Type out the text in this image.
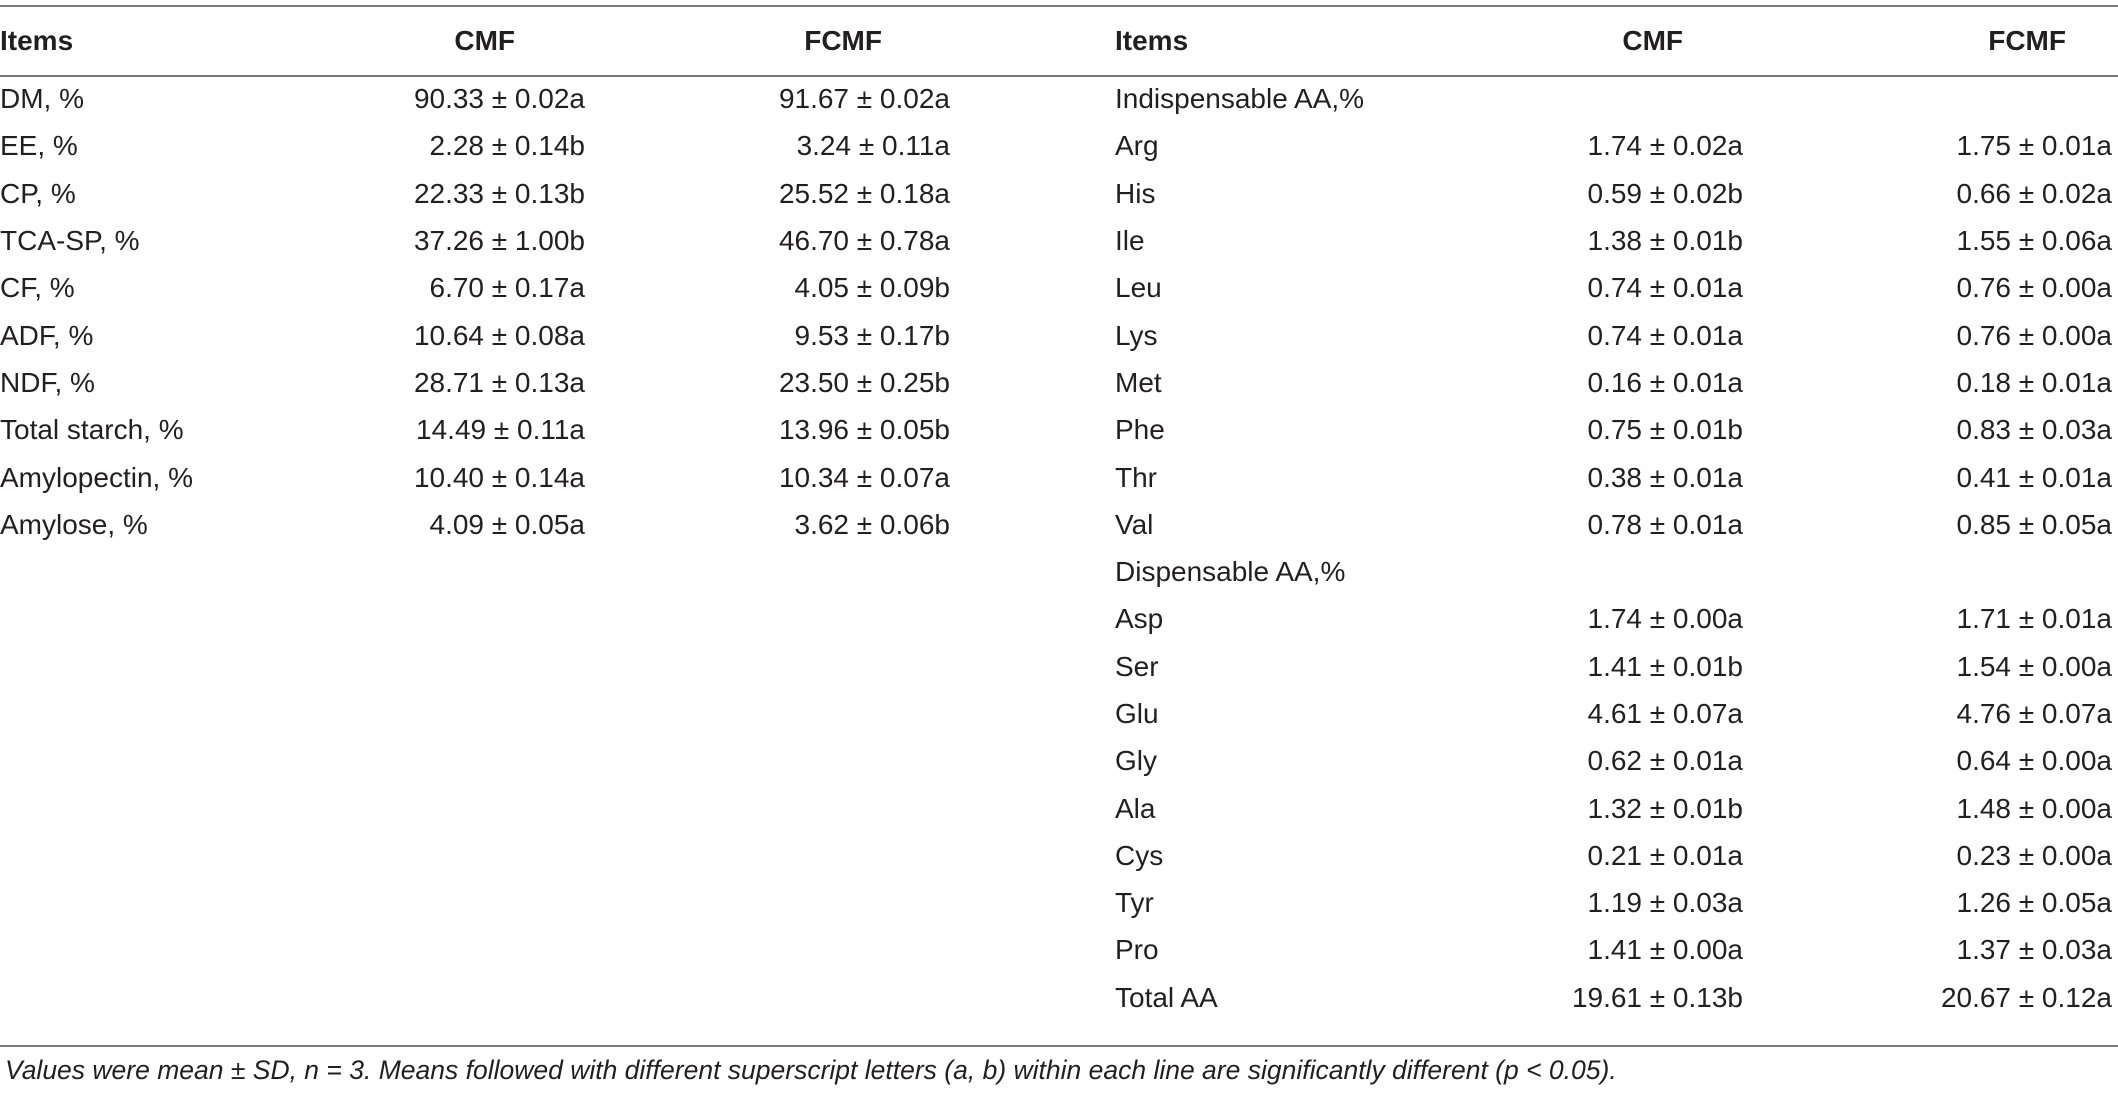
Items	CMF	FCMF
DM, %	90.33 ± 0.02a	91.67 ± 0.02a
EE, %	2.28 ± 0.14b	3.24 ± 0.11a
CP, %	22.33 ± 0.13b	25.52 ± 0.18a
TCA-SP, %	37.26 ± 1.00b	46.70 ± 0.78a
CF, %	6.70 ± 0.17a	4.05 ± 0.09b
ADF, %	10.64 ± 0.08a	9.53 ± 0.17b
NDF, %	28.71 ± 0.13a	23.50 ± 0.25b
Total starch, %	14.49 ± 0.11a	13.96 ± 0.05b
Amylopectin, %	10.40 ± 0.14a	10.34 ± 0.07a
Amylose, %	4.09 ± 0.05a	3.62 ± 0.06b
Items	CMF	FCMF
Indispensable AA,%		
Arg	1.74 ± 0.02a	1.75 ± 0.01a
His	0.59 ± 0.02b	0.66 ± 0.02a
Ile	1.38 ± 0.01b	1.55 ± 0.06a
Leu	0.74 ± 0.01a	0.76 ± 0.00a
Lys	0.74 ± 0.01a	0.76 ± 0.00a
Met	0.16 ± 0.01a	0.18 ± 0.01a
Phe	0.75 ± 0.01b	0.83 ± 0.03a
Thr	0.38 ± 0.01a	0.41 ± 0.01a
Val	0.78 ± 0.01a	0.85 ± 0.05a
Dispensable AA,%		
Asp	1.74 ± 0.00a	1.71 ± 0.01a
Ser	1.41 ± 0.01b	1.54 ± 0.00a
Glu	4.61 ± 0.07a	4.76 ± 0.07a
Gly	0.62 ± 0.01a	0.64 ± 0.00a
Ala	1.32 ± 0.01b	1.48 ± 0.00a
Cys	0.21 ± 0.01a	0.23 ± 0.00a
Tyr	1.19 ± 0.03a	1.26 ± 0.05a
Pro	1.41 ± 0.00a	1.37 ± 0.03a
Total AA	19.61 ± 0.13b	20.67 ± 0.12a
Values were mean ± SD, n = 3. Means followed with different superscript letters (a, b) within each line are significantly different (p < 0.05).
